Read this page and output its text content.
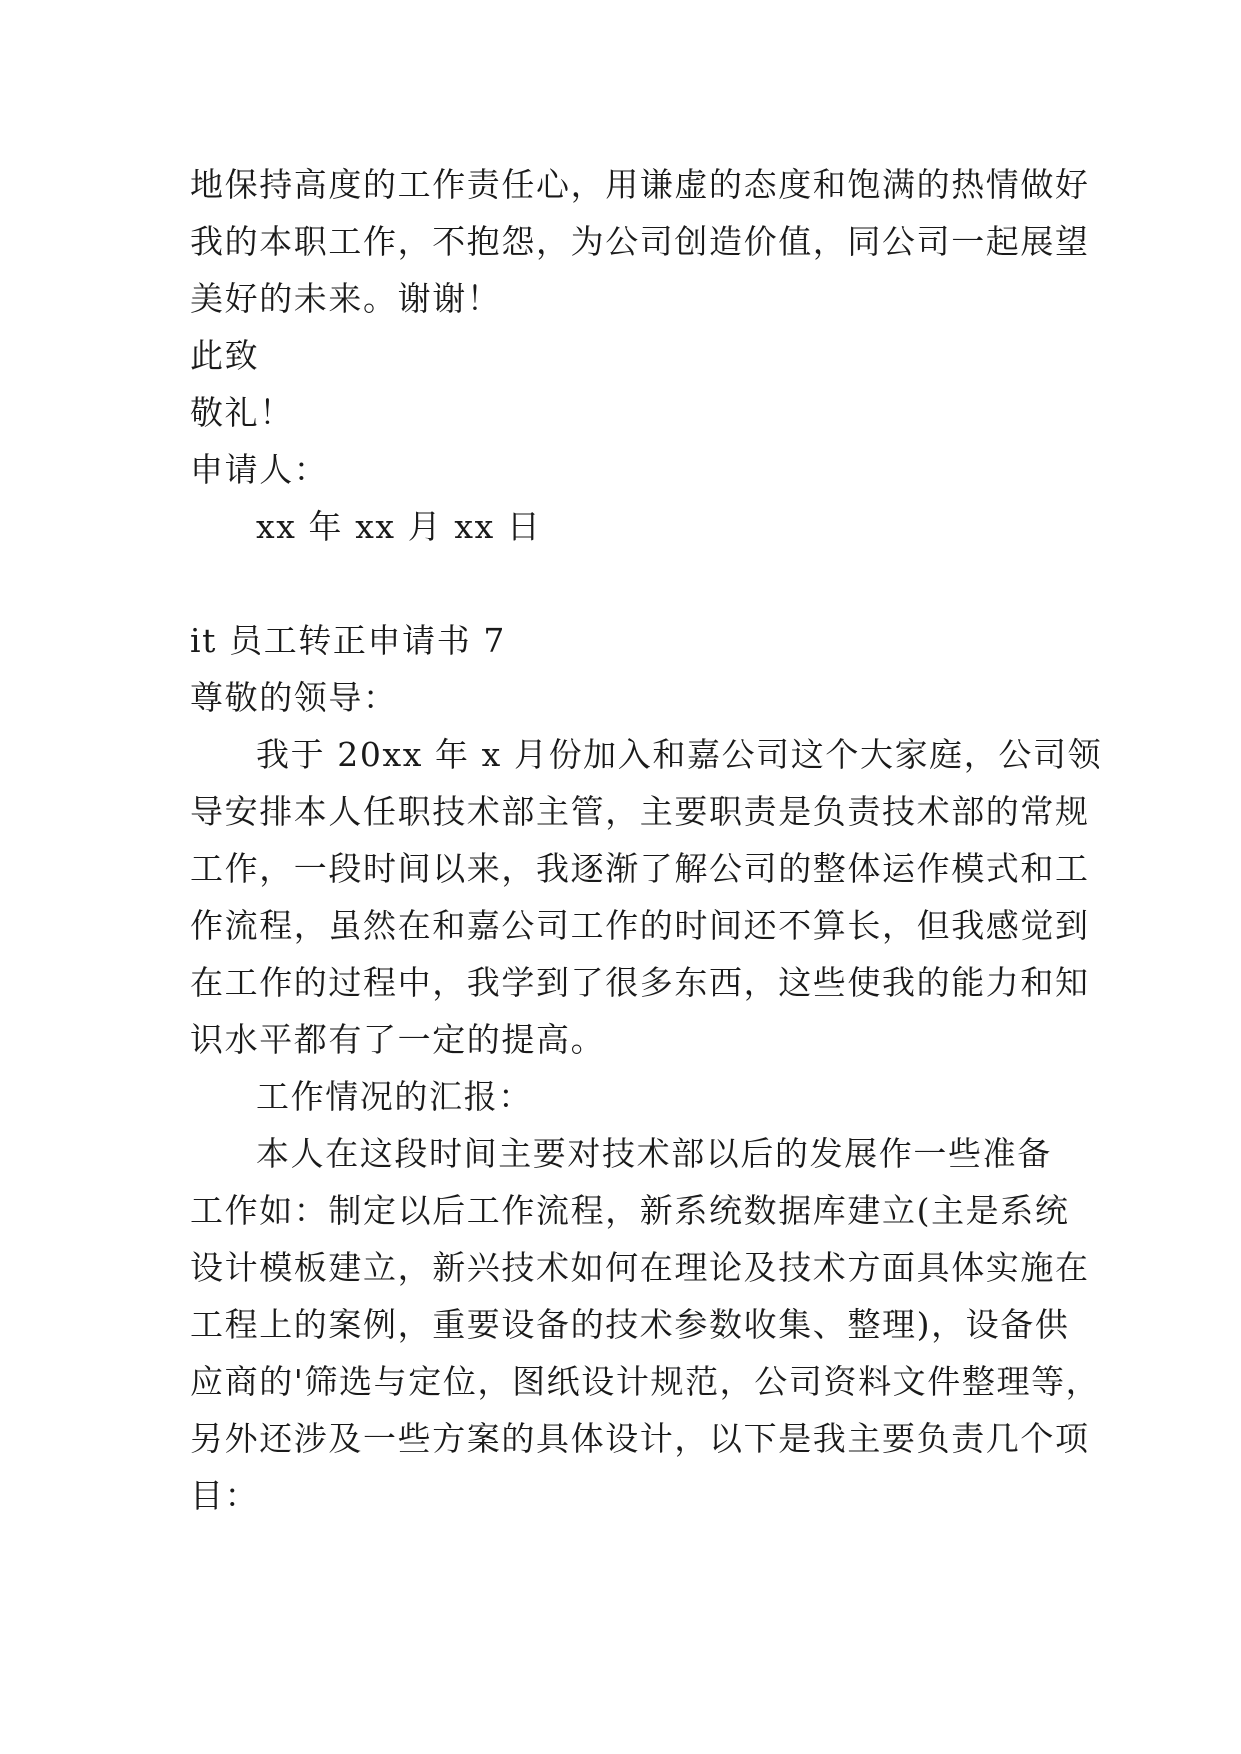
地保持高度的工作责任心，用谦虚的态度和饱满的热情做好
我的本职工作，不抱怨，为公司创造价值，同公司一起展望
美好的未来。谢谢！
此致
敬礼！
申请人：
xx 年 xx 月 xx 日
it 员工转正申请书 7
尊敬的领导：
我于 20xx 年 x 月份加入和嘉公司这个大家庭，公司领
导安排本人任职技术部主管，主要职责是负责技术部的常规
工作，一段时间以来，我逐渐了解公司的整体运作模式和工
作流程，虽然在和嘉公司工作的时间还不算长，但我感觉到
在工作的过程中，我学到了很多东西，这些使我的能力和知
识水平都有了一定的提高。
工作情况的汇报：
本人在这段时间主要对技术部以后的发展作一些准备
工作如：制定以后工作流程，新系统数据库建立(主是系统
设计模板建立，新兴技术如何在理论及技术方面具体实施在
工程上的案例，重要设备的技术参数收集、整理)，设备供
应商的'筛选与定位，图纸设计规范，公司资料文件整理等，
另外还涉及一些方案的具体设计，以下是我主要负责几个项
目：
